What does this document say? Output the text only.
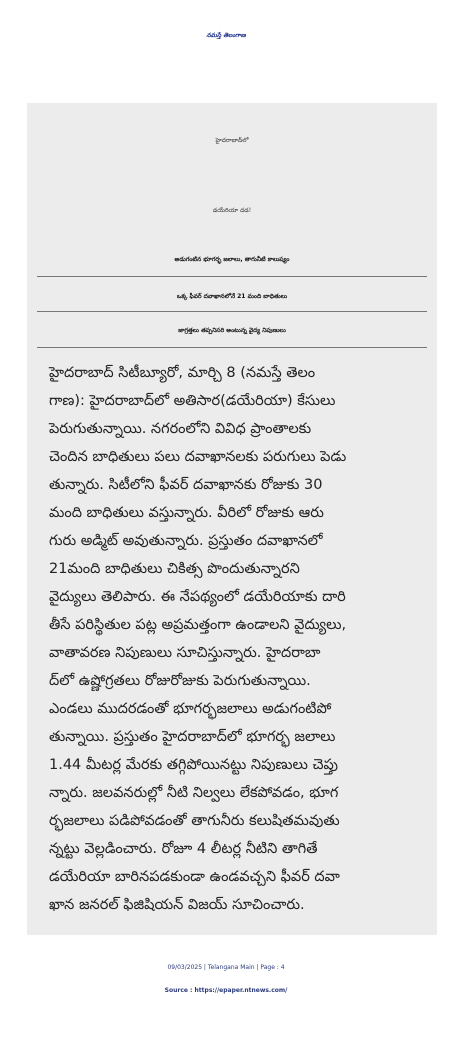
నమస్తే తెలంగాణ
హైదరాబాద్‌లో
డయేరియా దడ!
అడుగంటిన భూగర్భ జలాలు, తాగునీటి కాలుష్యం
ఒక్క ఫీవర్ దవాఖానలోనే 21 మంది బాధితులు
జాగ్రత్తలు తప్పనిసరి అంటున్న వైద్య నిపుణులు
హైదరాబాద్ సిటీబ్యూరో, మార్చి 8 (నమస్తే తెలం
గాణ): హైదరాబాద్‌లో అతిసార(డయేరియా) కేసులు
పెరుగుతున్నాయి. నగరంలోని వివిధ ప్రాంతాలకు
చెందిన బాధితులు పలు దవాఖానలకు పరుగులు పెడు
తున్నారు. సిటీలోని ఫీవర్ దవాఖానకు రోజుకు 30
మంది బాధితులు వస్తున్నారు. వీరిలో రోజుకు ఆరు
గురు అడ్మిట్ అవుతున్నారు. ప్రస్తుతం దవాఖానలో
21మంది బాధితులు చికిత్స పొందుతున్నారని
వైద్యులు తెలిపారు. ఈ నేపథ్యంలో డయేరియాకు దారి
తీసే పరిస్థితుల పట్ల అప్రమత్తంగా ఉండాలని వైద్యులు,
వాతావరణ నిపుణులు సూచిస్తున్నారు. హైదరాబా
ద్‌లో ఉష్ణోగ్రతలు రోజురోజుకు పెరుగుతున్నాయి.
ఎండలు ముదరడంతో భూగర్భజలాలు అడుగంటిపో
తున్నాయి. ప్రస్తుతం హైదరాబాద్‌లో భూగర్భ జలాలు
1.44 మీటర్ల మేరకు తగ్గిపోయినట్టు నిపుణులు చెప్తు
న్నారు. జలవనరుల్లో నీటి నిల్వలు లేకపోవడం, భూగ
ర్భజలాలు పడిపోవడంతో తాగునీరు కలుషితమవుతు
న్నట్టు వెల్లడించారు. రోజూ 4 లీటర్ల నీటిని తాగితే
డయేరియా బారినపడకుండా ఉండవచ్చని ఫీవర్ దవా
ఖాన జనరల్ ఫిజిషియన్ విజయ్ సూచించారు.
09/03/2025 | Telangana Main | Page : 4
Source : https://epaper.ntnews.com/
